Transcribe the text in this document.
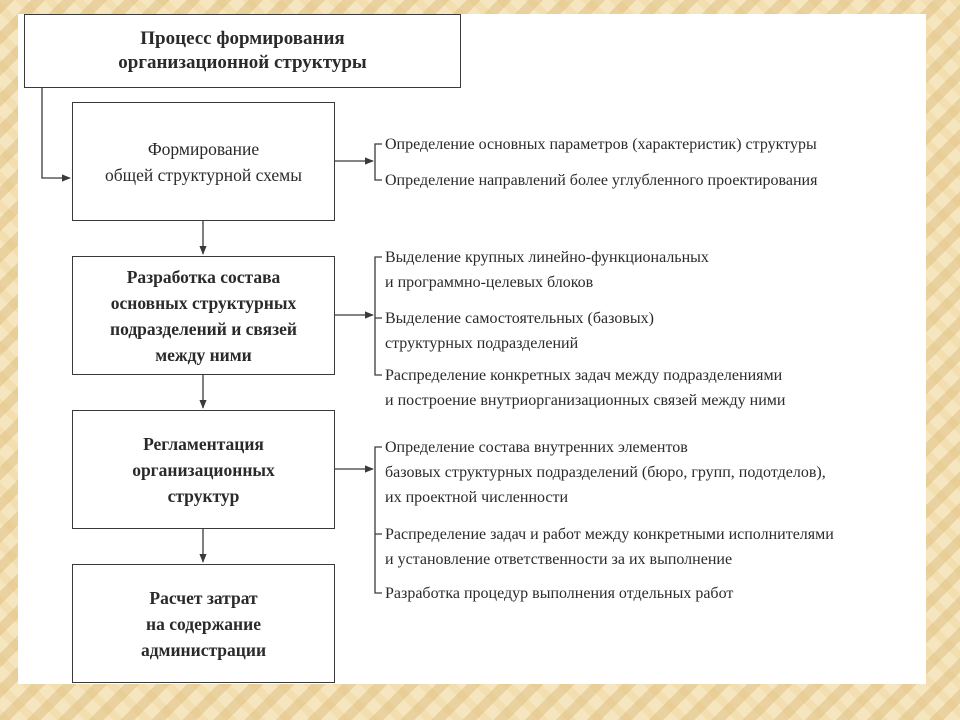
Процесс формирования
организационной структуры
Формирование
общей структурной схемы
Разработка состава
основных структурных
подразделений и связей
между ними
Регламентация
организационных
структур
Расчет затрат
на содержание
администрации
Определение основных параметров (характеристик) структуры
Определение направлений более углубленного проектирования
Выделение крупных линейно-функциональных
и программно-целевых блоков
Выделение самостоятельных (базовых)
структурных подразделений
Распределение конкретных задач между подразделениями
и построение внутриорганизационных связей между ними
Определение состава внутренних элементов
базовых структурных подразделений (бюро, групп, подотделов),
их проектной численности
Распределение задач и работ между конкретными исполнителями
и установление ответственности за их выполнение
Разработка процедур выполнения отдельных работ
